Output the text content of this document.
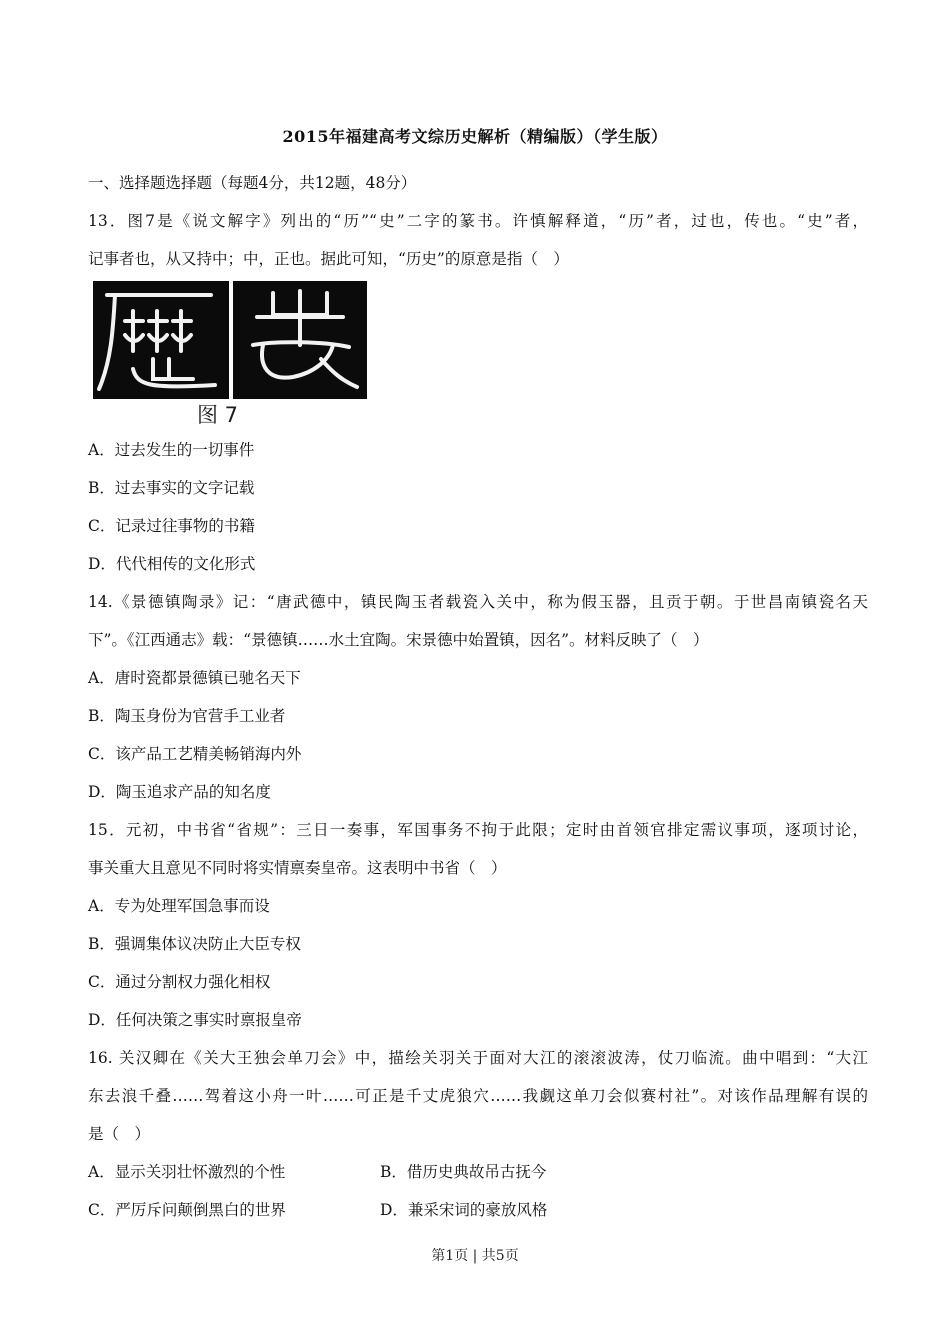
2015年福建高考文综历史解析（精编版）（学生版）
一、选择题选择题（每题4分，共12题，48分）
13．图7是《说文解字》列出的“历”“史”二字的篆书。许慎解释道，“历”者，过也，传也。“史”者，
记事者也，从又持中；中，正也。据此可知，“历史”的原意是指（　）
图 7
A．过去发生的一切事件
B．过去事实的文字记载
C．记录过往事物的书籍
D．代代相传的文化形式
14.《景德镇陶录》记：“唐武德中，镇民陶玉者载瓷入关中，称为假玉器，且贡于朝。于世昌南镇瓷名天
下”。《江西通志》载：“景德镇……水土宜陶。宋景德中始置镇，因名”。材料反映了（　）
A．唐时瓷都景德镇已驰名天下
B．陶玉身份为官营手工业者
C．该产品工艺精美畅销海内外
D．陶玉追求产品的知名度
15．元初，中书省“省规”：三日一奏事，军国事务不拘于此限；定时由首领官排定需议事项，逐项讨论，
事关重大且意见不同时将实情禀奏皇帝。这表明中书省（　）
A．专为处理军国急事而设
B．强调集体议决防止大臣专权
C．通过分割权力强化相权
D．任何决策之事实时禀报皇帝
16. 关汉卿在《关大王独会单刀会》中，描绘关羽关于面对大江的滚滚波涛，仗刀临流。曲中唱到：“大江
东去浪千叠……驾着这小舟一叶……可正是千丈虎狼穴……我觑这单刀会似赛村社”。对该作品理解有误的
是（　）
A．显示关羽壮怀激烈的个性	B．借历史典故吊古抚今
C．严厉斥问颠倒黑白的世界	D．兼采宋词的豪放风格
第1页 | 共5页
